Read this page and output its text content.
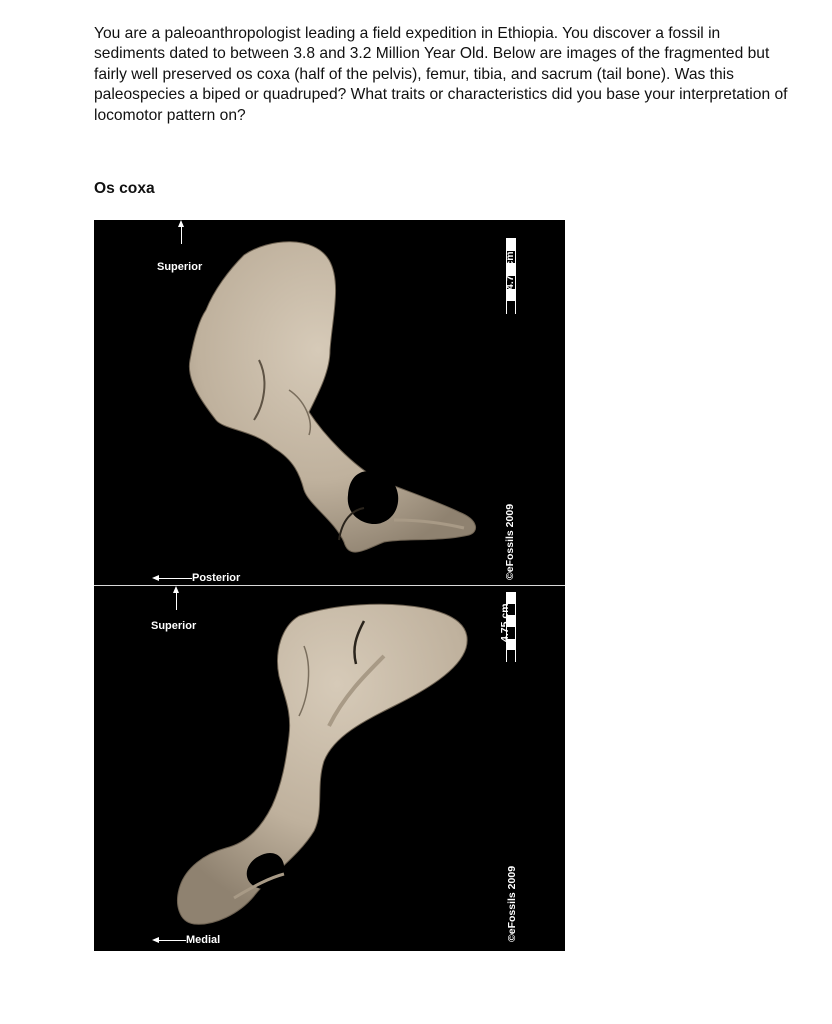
You are a paleoanthropologist leading a field expedition in Ethiopia. You discover a fossil in sediments dated to between 3.8 and 3.2 Million Year Old. Below are images of the fragmented but fairly well preserved os coxa (half of the pelvis), femur, tibia, and sacrum (tail bone). Was this paleospecies a biped or quadruped? What traits or characteristics did you base your interpretation of locomotor pattern on?

Os coxa

Superior
Posterior
4.75 cm
©eFossils 2009
Superior
Medial
4.75 cm
©eFossils 2009
